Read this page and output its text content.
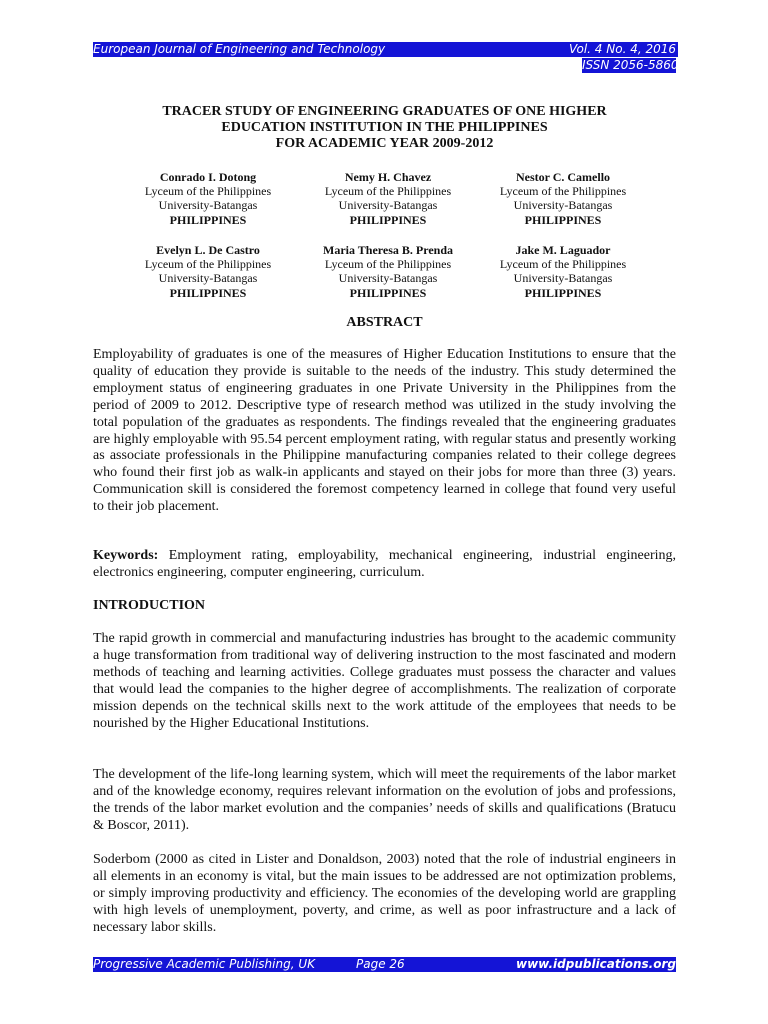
European Journal of Engineering and Technology	Vol. 4 No. 4, 2016
ISSN 2056-5860
TRACER STUDY OF ENGINEERING GRADUATES OF ONE HIGHER
EDUCATION INSTITUTION IN THE PHILIPPINES
FOR ACADEMIC YEAR 2009-2012
Conrado I. Dotong
Lyceum of the Philippines
University-Batangas
PHILIPPINES
Nemy H. Chavez
Lyceum of the Philippines
University-Batangas
PHILIPPINES
Nestor C. Camello
Lyceum of the Philippines
University-Batangas
PHILIPPINES
Evelyn L. De Castro
Lyceum of the Philippines
University-Batangas
PHILIPPINES
Maria Theresa B. Prenda
Lyceum of the Philippines
University-Batangas
PHILIPPINES
Jake M. Laguador
Lyceum of the Philippines
University-Batangas
PHILIPPINES
ABSTRACT

Employability of graduates is one of the measures of Higher Education Institutions to ensure that the quality of education they provide is suitable to the needs of the industry. This study determined the employment status of engineering graduates in one Private University in the Philippines from the period of 2009 to 2012. Descriptive type of research method was utilized in the study involving the total population of the graduates as respondents. The findings revealed that the engineering graduates are highly employable with 95.54 percent employment rating, with regular status and presently working as associate professionals in the Philippine manufacturing companies related to their college degrees who found their first job as walk-in applicants and stayed on their jobs for more than three (3) years. Communication skill is considered the foremost competency learned in college that found very useful to their job placement.

Keywords: Employment rating, employability, mechanical engineering, industrial engineering, electronics engineering, computer engineering, curriculum.

INTRODUCTION

The rapid growth in commercial and manufacturing industries has brought to the academic community a huge transformation from traditional way of delivering instruction to the most fascinated and modern methods of teaching and learning activities. College graduates must possess the character and values that would lead the companies to the higher degree of accomplishments. The realization of corporate mission depends on the technical skills next to the work attitude of the employees that needs to be nourished by the Higher Educational Institutions.

The development of the life-long learning system, which will meet the requirements of the labor market and of the knowledge economy, requires relevant information on the evolution of jobs and professions, the trends of the labor market evolution and the companies’ needs of skills and qualifications (Bratucu & Boscor, 2011).

Soderbom (2000 as cited in Lister and Donaldson, 2003) noted that the role of industrial engineers in all elements in an economy is vital, but the main issues to be addressed are not optimization problems, or simply improving productivity and efficiency. The economies of the developing world are grappling with high levels of unemployment, poverty, and crime, as well as poor infrastructure and a lack of necessary labor skills.

Progressive Academic Publishing, UK	Page 26	www.idpublications.org
